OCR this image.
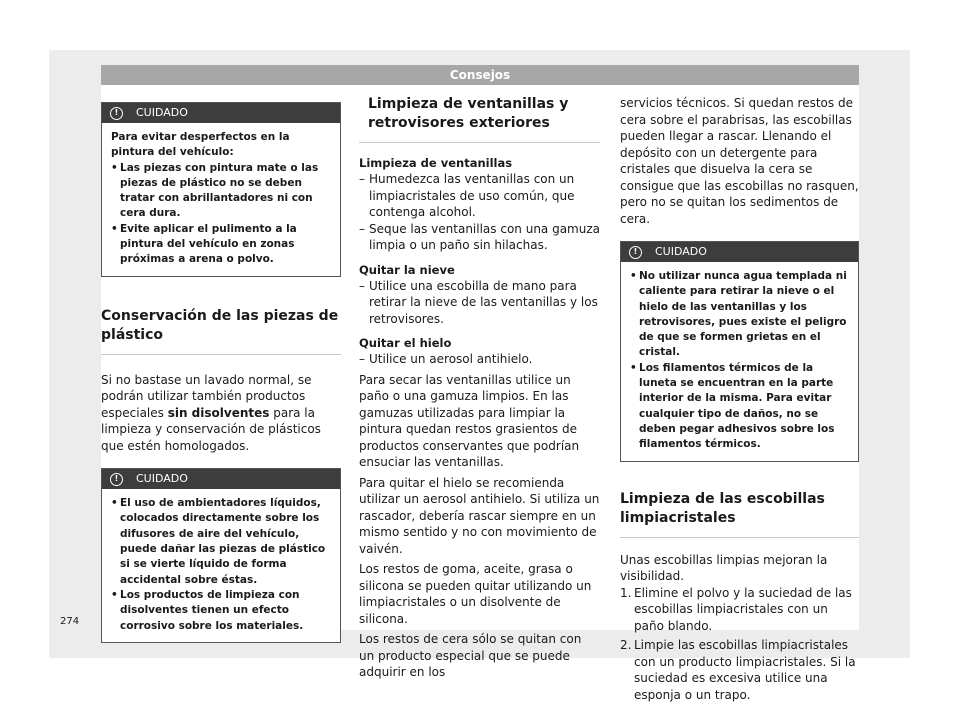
Consejos
!	CUIDADO

Para evitar desperfectos en la pintura del vehículo:

• Las piezas con pintura mate o las piezas de plástico no se deben tratar con abrillantadores ni con cera dura.
• Evite aplicar el pulimento a la pintura del vehículo en zonas próximas a arena o polvo.
Conservación de las piezas de plástico

Si no bastase un lavado normal, se podrán utilizar también productos especiales sin disolventes para la limpieza y conservación de plásticos que estén homologados.

!	CUIDADO
• El uso de ambientadores líquidos, colocados directamente sobre los difusores de aire del vehículo, puede dañar las piezas de plástico si se vierte líquido de forma accidental sobre éstas.
• Los productos de limpieza con disolventes tienen un efecto corrosivo sobre los materiales.
Limpieza de ventanillas y retrovisores exteriores

Limpieza de ventanillas

– Humedezca las ventanillas con un limpiacristales de uso común, que contenga alcohol.
– Seque las ventanillas con una gamuza limpia o un paño sin hilachas.

Quitar la nieve

– Utilice una escobilla de mano para retirar la nieve de las ventanillas y los retrovisores.

Quitar el hielo

– Utilice un aerosol antihielo.

Para secar las ventanillas utilice un paño o una gamuza limpios. En las gamuzas utilizadas para limpiar la pintura quedan restos grasientos de productos conservantes que podrían ensuciar las ventanillas.

Para quitar el hielo se recomienda utilizar un aerosol antihielo. Si utiliza un rascador, debería rascar siempre en un mismo sentido y no con movimiento de vaivén.

Los restos de goma, aceite, grasa o silicona se pueden quitar utilizando un limpiacristales o un disolvente de silicona.

Los restos de cera sólo se quitan con un producto especial que se puede adquirir en los

servicios técnicos. Si quedan restos de cera sobre el parabrisas, las escobillas pueden llegar a rascar. Llenando el depósito con un detergente para cristales que disuelva la cera se consigue que las escobillas no rasquen, pero no se quitan los sedimentos de cera.

!	CUIDADO
• No utilizar nunca agua templada ni caliente para retirar la nieve o el hielo de las ventanillas y los retrovisores, pues existe el peligro de que se formen grietas en el cristal.
• Los filamentos térmicos de la luneta se encuentran en la parte interior de la misma. Para evitar cualquier tipo de daños, no se deben pegar adhesivos sobre los filamentos térmicos.
Limpieza de las escobillas limpiacristales

Unas escobillas limpias mejoran la visibilidad.

1. Elimine el polvo y la suciedad de las escobillas limpiacristales con un paño blando.
2. Limpie las escobillas limpiacristales con un producto limpiacristales. Si la suciedad es excesiva utilice una esponja o un trapo.
274
